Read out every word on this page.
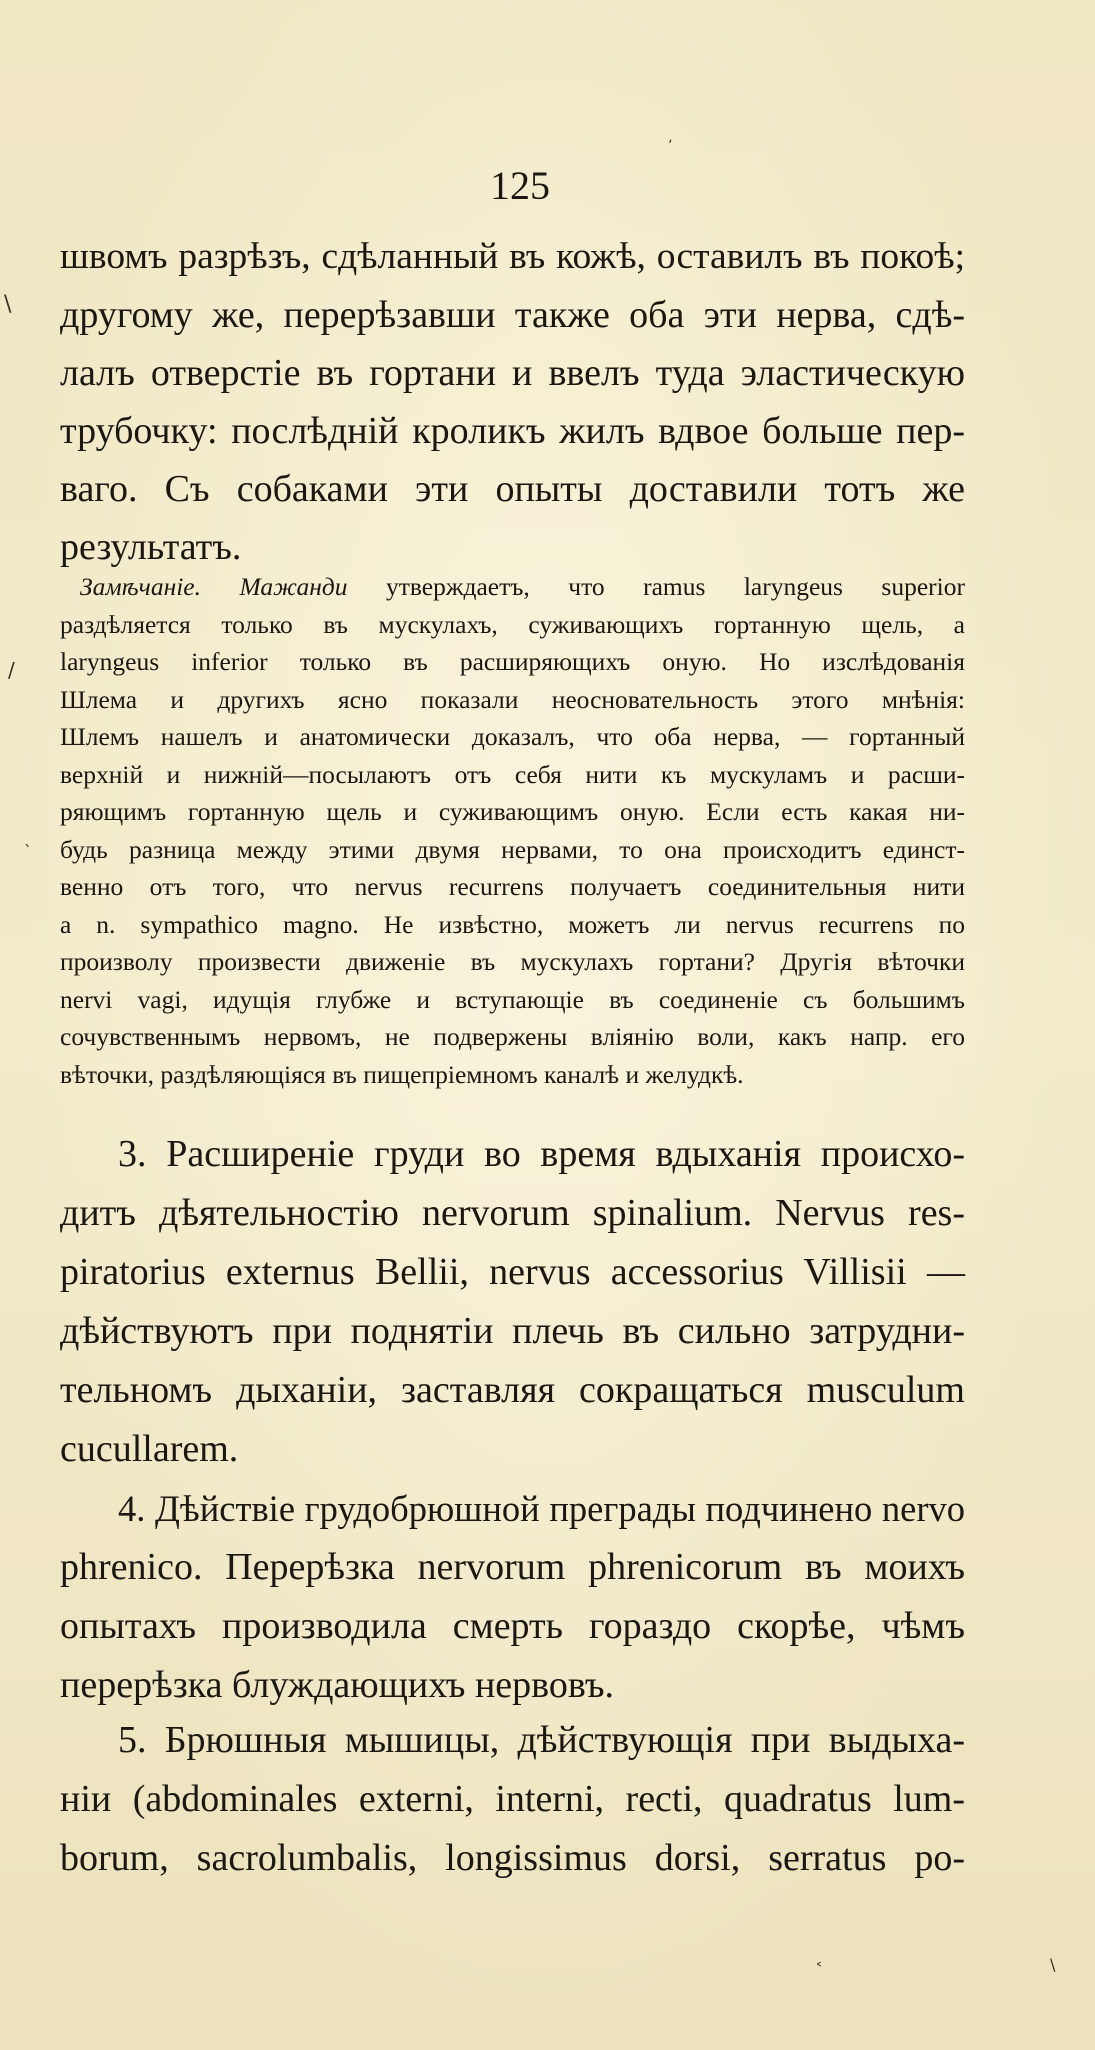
125
швомъ разрѣзъ, сдѣланный въ кожѣ, оставилъ въ покоѣ;
другому же, перерѣзавши также оба эти нерва, сдѣ-
лалъ отверстіе въ гортани и ввелъ туда эластическую
трубочку: послѣдній кроликъ жилъ вдвое больше пер-
ваго. Съ собаками эти опыты доставили тотъ же
результатъ.
Замѣчаніе. Мажанди утверждаетъ, что ramus laryngeus superior
раздѣляется только въ мускулахъ, суживающихъ гортанную щель, а
laryngeus inferior только въ расширяющихъ оную. Но изслѣдованія
Шлема и другихъ ясно показали неосновательность этого мнѣнія:
Шлемъ нашелъ и анатомически доказалъ, что оба нерва, — гортанный
верхній и нижній—посылаютъ отъ себя нити къ мускуламъ и расши-
ряющимъ гортанную щель и суживающимъ оную. Если есть какая ни-
будь разница между этими двумя нервами, то она происходитъ единст-
венно отъ того, что nervus recurrens получаетъ соединительныя нити
a n. sympathico magno. Не извѣстно, можетъ ли nervus recurrens по
произволу произвести движеніе въ мускулахъ гортани? Другія вѣточки
nervi vagi, идущія глубже и вступающіе въ соединеніе съ большимъ
сочувственнымъ нервомъ, не подвержены вліянію воли, какъ напр. его
вѣточки, раздѣляющіяся въ пищепріемномъ каналѣ и желудкѣ.
3. Расширеніе груди во время вдыханія происхо-
дитъ дѣятельностію nervorum spinalium. Nervus res-
piratorius externus Bellii, nervus accessorius Villisii —
дѣйствуютъ при поднятіи плечь въ сильно затрудни-
тельномъ дыханіи, заставляя сокращаться musculum
cucullarem.
4. Дѣйствіе грудобрюшной преграды подчинено nervo
phrenico. Перерѣзка nervorum phrenicorum въ моихъ
опытахъ производила смерть гораздо скорѣе, чѣмъ
перерѣзка блуждающихъ нервовъ.
5. Брюшныя мышицы, дѣйствующія при выдыха-
ніи (abdominales externi, interni, recti, quadratus lum-
borum, sacrolumbalis, longissimus dorsi, serratus po-
ʼ
\
/
ˋ
˂	\
